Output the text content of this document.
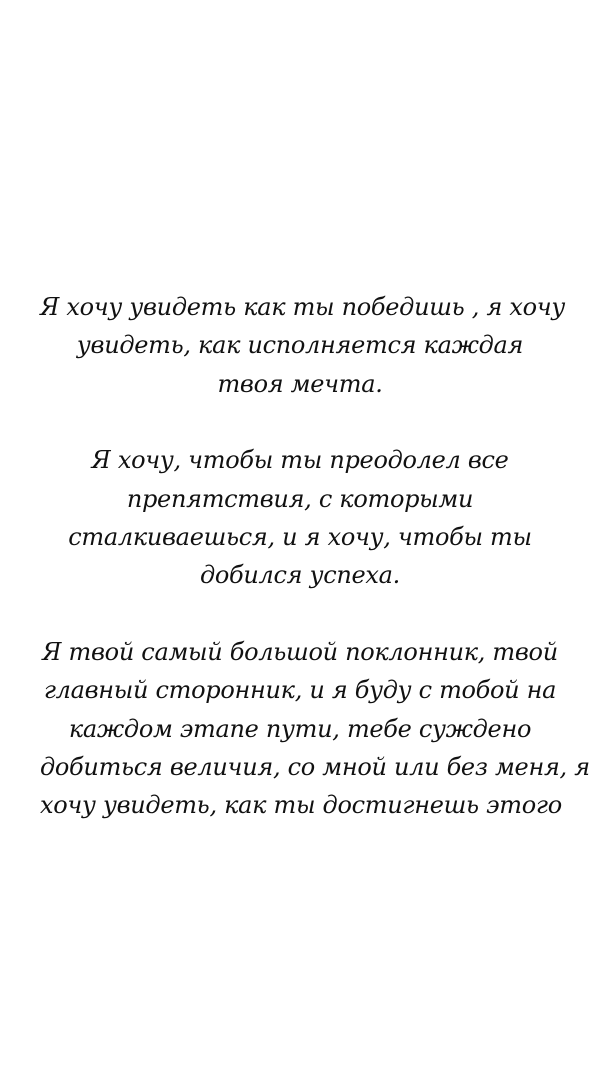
Я хочу увидеть как ты победишь , я хочу
увидеть, как исполняется каждая
твоя мечта.

Я хочу, чтобы ты преодолел все
препятствия, с которыми
сталкиваешься, и я хочу, чтобы ты
добился успеха.

Я твой самый большой поклонник, твой
главный сторонник, и я буду с тобой на
каждом этапе пути, тебе суждено
добиться величия, со мной или без меня, я
хочу увидеть, как ты достигнешь этого
